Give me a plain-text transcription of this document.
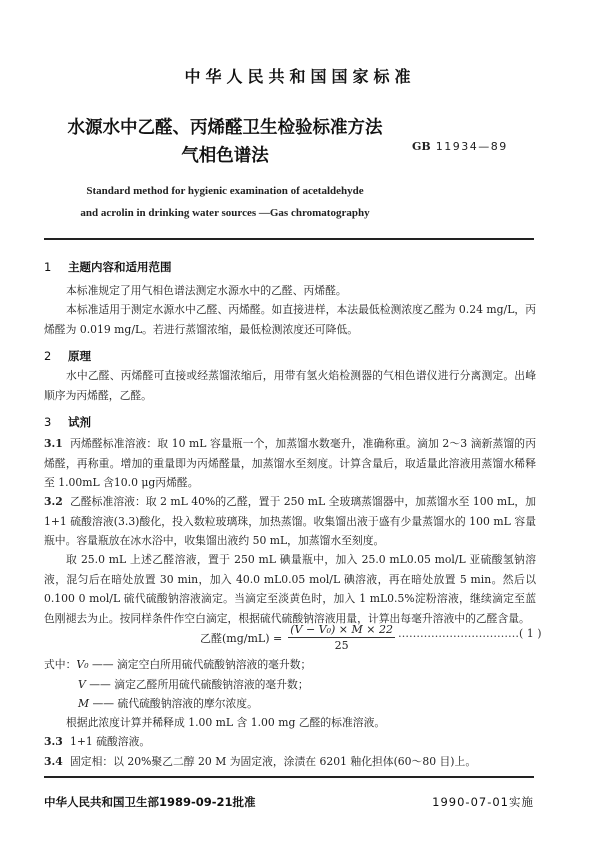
中华人民共和国国家标准
水源水中乙醛、丙烯醛卫生检验标准方法
气相色谱法	GB 11934—89
Standard method for hygienic examination of acetaldehyde
and acrolin in drinking water sources —Gas chromatography
1 主题内容和适用范围
本标准规定了用气相色谱法测定水源水中的乙醛、丙烯醛。
本标准适用于测定水源水中乙醛、丙烯醛。如直接进样，本法最低检测浓度乙醛为 0.24 mg/L，丙烯醛为 0.019 mg/L。若进行蒸馏浓缩，最低检测浓度还可降低。
2 原理
水中乙醛、丙烯醛可直接或经蒸馏浓缩后，用带有氢火焰检测器的气相色谱仪进行分离测定。出峰顺序为丙烯醛，乙醛。
3 试剂
3.1 丙烯醛标准溶液：取 10 mL 容量瓶一个，加蒸馏水数毫升，准确称重。滴加 2～3 滴新蒸馏的丙烯醛，再称重。增加的重量即为丙烯醛量，加蒸馏水至刻度。计算含量后，取适量此溶液用蒸馏水稀释至 1.00mL 含10.0 μg丙烯醛。
3.2 乙醛标准溶液：取 2 mL 40%的乙醛，置于 250 mL 全玻璃蒸馏器中，加蒸馏水至 100 mL，加 1+1 硫酸溶液(3.3)酸化，投入数粒玻璃珠，加热蒸馏。收集馏出液于盛有少量蒸馏水的 100 mL 容量瓶中。容量瓶放在冰水浴中，收集馏出液约 50 mL，加蒸馏水至刻度。
取 25.0 mL 上述乙醛溶液，置于 250 mL 碘量瓶中，加入 25.0 mL0.05 mol/L 亚硫酸氢钠溶液，混匀后在暗处放置 30 min，加入 40.0 mL0.05 mol/L 碘溶液，再在暗处放置 5 min。然后以 0.100 0 mol/L 硫代硫酸钠溶液滴定。当滴定至淡黄色时，加入 1 mL0.5%淀粉溶液，继续滴定至蓝色刚褪去为止。按同样条件作空白滴定，根据硫代硫酸钠溶液用量，计算出每毫升溶液中的乙醛含量。
乙醛$(mg/mL) = \frac{\text{(V − V₀) × M × 22}}{25}$ ……………………………( 1 )
式中：V₀ —— 滴定空白所用硫代硫酸钠溶液的毫升数；
V —— 滴定乙醛所用硫代硫酸钠溶液的毫升数；
M —— 硫代硫酸钠溶液的摩尔浓度。
根据此浓度计算并稀释成 1.00 mL 含 1.00 mg 乙醛的标准溶液。
3.3 1+1 硫酸溶液。
3.4 固定相：以 20%聚乙二醇 20 M 为固定液，涂渍在 6201 釉化担体(60～80 目)上。
中华人民共和国卫生部1989-09-21批准	1990-07-01实施
